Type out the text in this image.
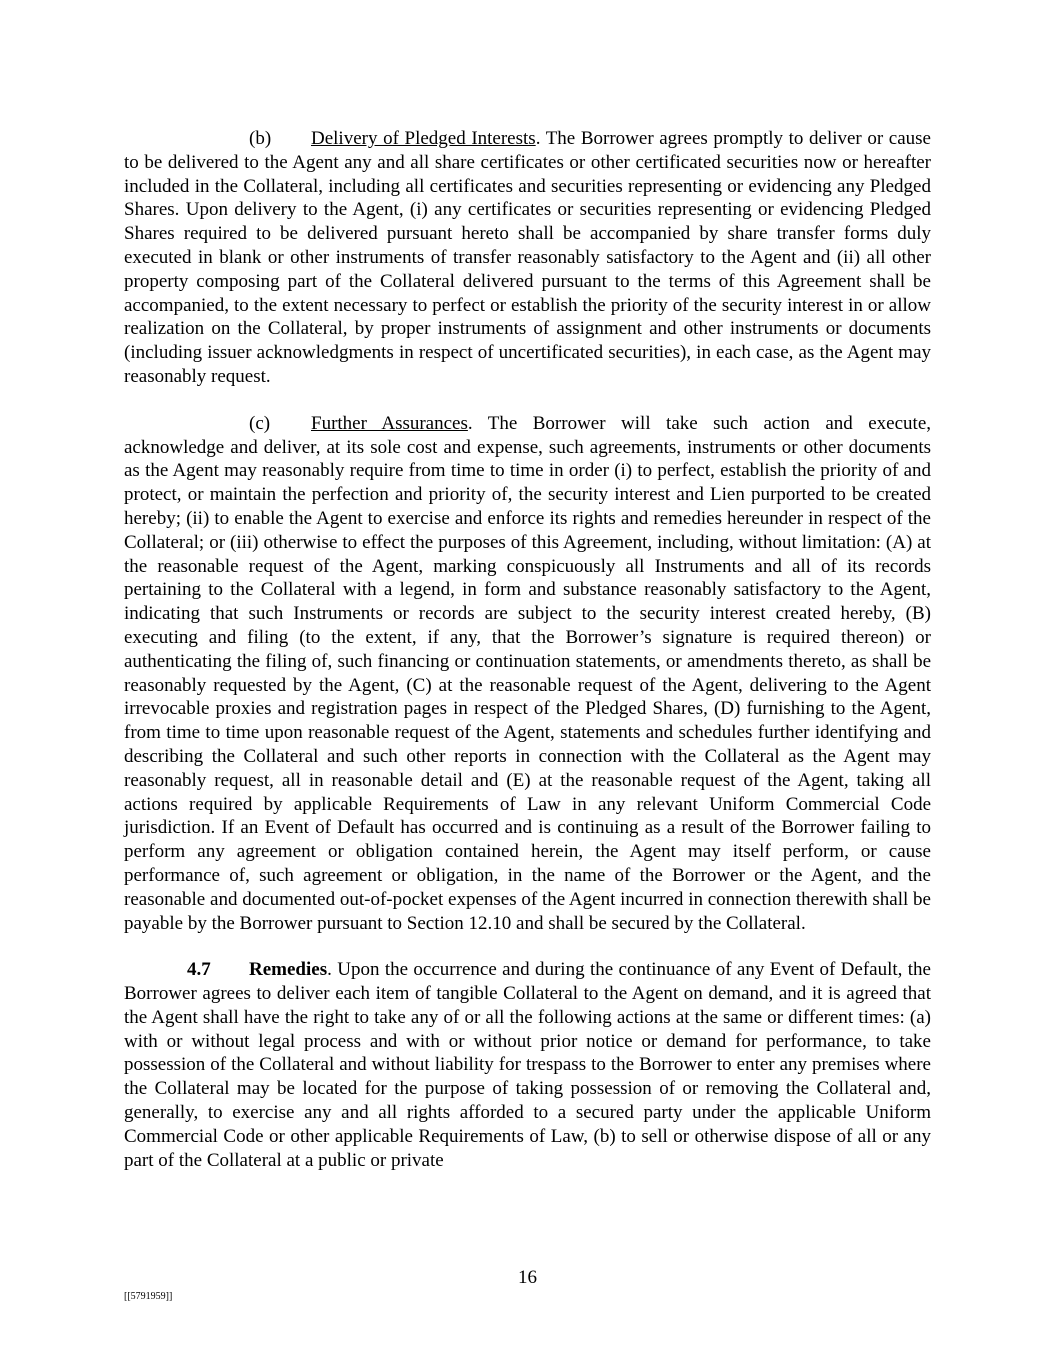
(b) Delivery of Pledged Interests. The Borrower agrees promptly to deliver or cause to be delivered to the Agent any and all share certificates or other certificated securities now or hereafter included in the Collateral, including all certificates and securities representing or evidencing any Pledged Shares. Upon delivery to the Agent, (i) any certificates or securities representing or evidencing Pledged Shares required to be delivered pursuant hereto shall be accompanied by share transfer forms duly executed in blank or other instruments of transfer reasonably satisfactory to the Agent and (ii) all other property composing part of the Collateral delivered pursuant to the terms of this Agreement shall be accompanied, to the extent necessary to perfect or establish the priority of the security interest in or allow realization on the Collateral, by proper instruments of assignment and other instruments or documents (including issuer acknowledgments in respect of uncertificated securities), in each case, as the Agent may reasonably request.

(c) Further Assurances. The Borrower will take such action and execute, acknowledge and deliver, at its sole cost and expense, such agreements, instruments or other documents as the Agent may reasonably require from time to time in order (i) to perfect, establish the priority of and protect, or maintain the perfection and priority of, the security interest and Lien purported to be created hereby; (ii) to enable the Agent to exercise and enforce its rights and remedies hereunder in respect of the Collateral; or (iii) otherwise to effect the purposes of this Agreement, including, without limitation: (A) at the reasonable request of the Agent, marking conspicuously all Instruments and all of its records pertaining to the Collateral with a legend, in form and substance reasonably satisfactory to the Agent, indicating that such Instruments or records are subject to the security interest created hereby, (B) executing and filing (to the extent, if any, that the Borrower’s signature is required thereon) or authenticating the filing of, such financing or continuation statements, or amendments thereto, as shall be reasonably requested by the Agent, (C) at the reasonable request of the Agent, delivering to the Agent irrevocable proxies and registration pages in respect of the Pledged Shares, (D) furnishing to the Agent, from time to time upon reasonable request of the Agent, statements and schedules further identifying and describing the Collateral and such other reports in connection with the Collateral as the Agent may reasonably request, all in reasonable detail and (E) at the reasonable request of the Agent, taking all actions required by applicable Requirements of Law in any relevant Uniform Commercial Code jurisdiction. If an Event of Default has occurred and is continuing as a result of the Borrower failing to perform any agreement or obligation contained herein, the Agent may itself perform, or cause performance of, such agreement or obligation, in the name of the Borrower or the Agent, and the reasonable and documented out-of-pocket expenses of the Agent incurred in connection therewith shall be payable by the Borrower pursuant to Section 12.10 and shall be secured by the Collateral.

4.7 Remedies. Upon the occurrence and during the continuance of any Event of Default, the Borrower agrees to deliver each item of tangible Collateral to the Agent on demand, and it is agreed that the Agent shall have the right to take any of or all the following actions at the same or different times: (a) with or without legal process and with or without prior notice or demand for performance, to take possession of the Collateral and without liability for trespass to the Borrower to enter any premises where the Collateral may be located for the purpose of taking possession of or removing the Collateral and, generally, to exercise any and all rights afforded to a secured party under the applicable Uniform Commercial Code or other applicable Requirements of Law, (b) to sell or otherwise dispose of all or any part of the Collateral at a public or private

16
[[5791959]]
